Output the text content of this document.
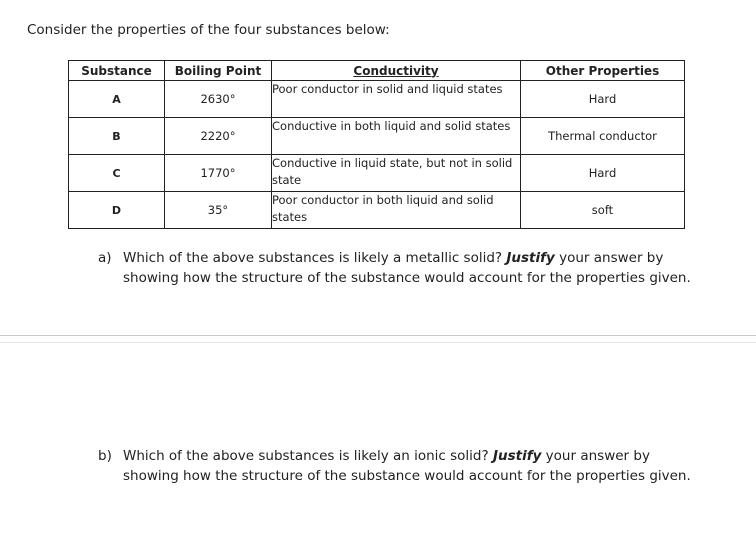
Consider the properties of the four substances below:
Substance	Boiling Point	Conductivity	Other Properties
A	2630°	Poor conductor in solid and liquid states	Hard
B	2220°	Conductive in both liquid and solid states	Thermal conductor
C	1770°	Conductive in liquid state, but not in solid state	Hard
D	35°	Poor conductor in both liquid and solid states	soft
a) Which of the above substances is likely a metallic solid? Justify your answer by showing how the structure of the substance would account for the properties given.
b) Which of the above substances is likely an ionic solid? Justify your answer by showing how the structure of the substance would account for the properties given.
